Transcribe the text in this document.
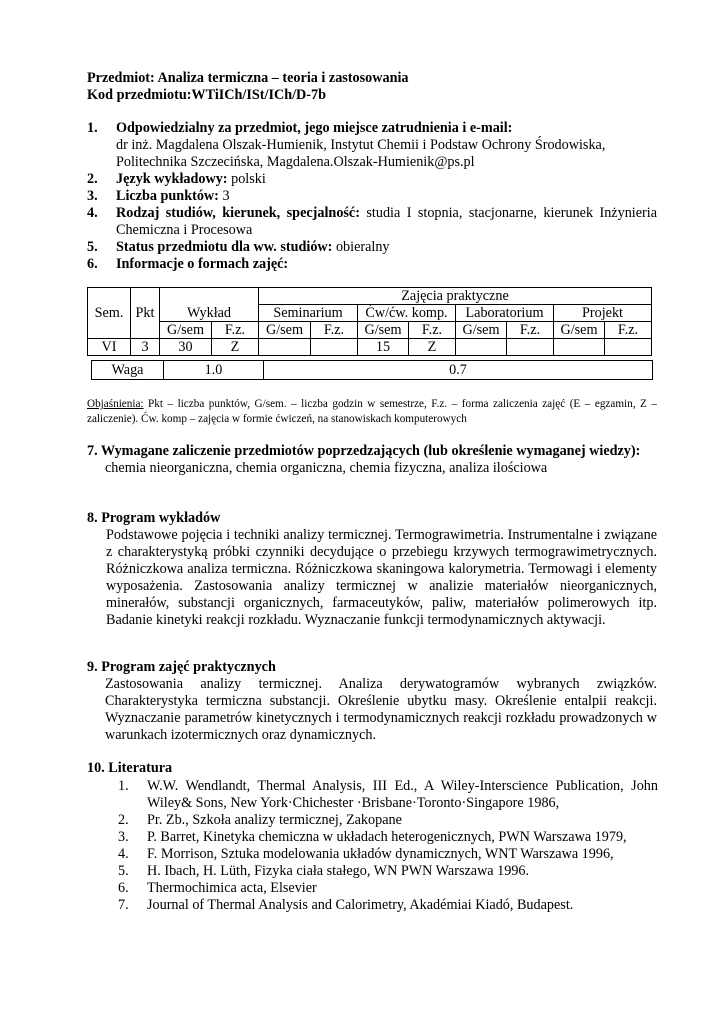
Przedmiot: Analiza termiczna – teoria i zastosowania
Kod przedmiotu:WTiICh/ISt/ICh/D-7b
1. Odpowiedzialny za przedmiot, jego miejsce zatrudnienia i e-mail:
dr inż. Magdalena Olszak-Humienik, Instytut Chemii i Podstaw Ochrony Środowiska, Politechnika Szczecińska, Magdalena.Olszak-Humienik@ps.pl
2. Język wykładowy: polski
3. Liczba punktów: 3
4. Rodzaj studiów, kierunek, specjalność: studia I stopnia, stacjonarne, kierunek Inżynieria Chemiczna i Procesowa
5. Status przedmiotu dla ww. studiów: obieralny
6. Informacje o formach zajęć:
Sem.	Pkt	Wykład		Zajęcia praktyczne							
				Seminarium		Ćw/ćw. komp.		Laboratorium		Projekt	
		G/sem	F.z.	G/sem	F.z.	G/sem	F.z.	G/sem	F.z.	G/sem	F.z.
VI	3	30	Z			15	Z				
Waga	1.0	0.7
Objaśnienia: Pkt – liczba punktów, G/sem. – liczba godzin w semestrze, F.z. – forma zaliczenia zajęć (E – egzamin, Z – zaliczenie). Ćw. komp – zajęcia w formie ćwiczeń, na stanowiskach komputerowych
7. Wymagane zaliczenie przedmiotów poprzedzających (lub określenie wymaganej wiedzy):
chemia nieorganiczna, chemia organiczna, chemia fizyczna, analiza ilościowa
8. Program wykładów
Podstawowe pojęcia i techniki analizy termicznej. Termograwimetria. Instrumentalne i związane z charakterystyką próbki czynniki decydujące o przebiegu krzywych termograwimetrycznych. Różniczkowa analiza termiczna. Różniczkowa skaningowa kalorymetria. Termowagi i elementy wyposażenia. Zastosowania analizy termicznej w analizie materiałów nieorganicznych, minerałów, substancji organicznych, farmaceutyków, paliw, materiałów polimerowych itp. Badanie kinetyki reakcji rozkładu. Wyznaczanie funkcji termodynamicznych aktywacji.
9. Program zajęć praktycznych
Zastosowania analizy termicznej. Analiza derywatogramów wybranych związków. Charakterystyka termiczna substancji. Określenie ubytku masy. Określenie entalpii reakcji. Wyznaczanie parametrów kinetycznych i termodynamicznych reakcji rozkładu prowadzonych w warunkach izotermicznych oraz dynamicznych.
10. Literatura
1. W.W. Wendlandt, Thermal Analysis, III Ed., A Wiley-Interscience Publication, John Wiley& Sons, New York·Chichester ·Brisbane·Toronto·Singapore 1986,
2. Pr. Zb., Szkoła analizy termicznej, Zakopane
3. P. Barret, Kinetyka chemiczna w układach heterogenicznych, PWN Warszawa 1979,
4. F. Morrison, Sztuka modelowania układów dynamicznych, WNT Warszawa 1996,
5. H. Ibach, H. Lüth, Fizyka ciała stałego, WN PWN Warszawa 1996.
6. Thermochimica acta, Elsevier
7. Journal of Thermal Analysis and Calorimetry, Akadémiai Kiadó, Budapest.
